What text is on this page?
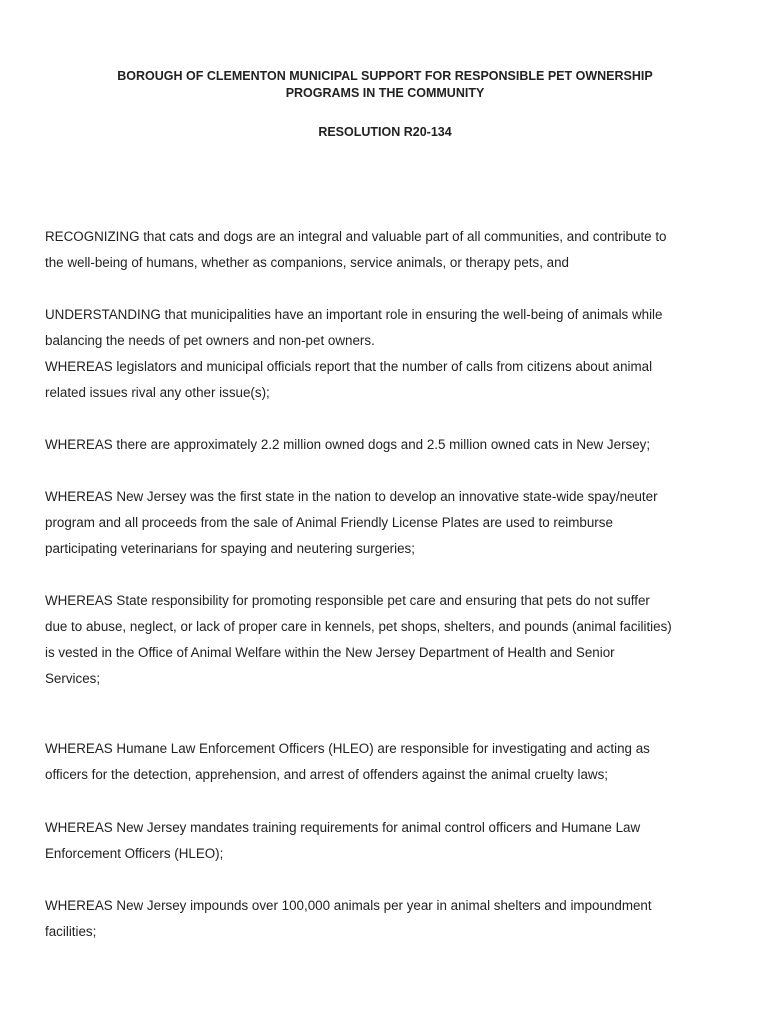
BOROUGH OF CLEMENTON MUNICIPAL SUPPORT FOR RESPONSIBLE PET OWNERSHIP

PROGRAMS IN THE COMMUNITY

RESOLUTION R20-134

RECOGNIZING that cats and dogs are an integral and valuable part of all communities, and contribute to
the well-being of humans, whether as companions, service animals, or therapy pets, and

UNDERSTANDING that municipalities have an important role in ensuring the well-being of animals while
balancing the needs of pet owners and non-pet owners.
WHEREAS legislators and municipal officials report that the number of calls from citizens about animal
related issues rival any other issue(s);

WHEREAS there are approximately 2.2 million owned dogs and 2.5 million owned cats in New Jersey;

WHEREAS New Jersey was the first state in the nation to develop an innovative state-wide spay/neuter
program and all proceeds from the sale of Animal Friendly License Plates are used to reimburse
participating veterinarians for spaying and neutering surgeries;

WHEREAS State responsibility for promoting responsible pet care and ensuring that pets do not suffer
due to abuse, neglect, or lack of proper care in kennels, pet shops, shelters, and pounds (animal facilities)
is vested in the Office of Animal Welfare within the New Jersey Department of Health and Senior
Services;

WHEREAS Humane Law Enforcement Officers (HLEO) are responsible for investigating and acting as
officers for the detection, apprehension, and arrest of offenders against the animal cruelty laws;

WHEREAS New Jersey mandates training requirements for animal control officers and Humane Law
Enforcement Officers (HLEO);

WHEREAS New Jersey impounds over 100,000 animals per year in animal shelters and impoundment
facilities;
